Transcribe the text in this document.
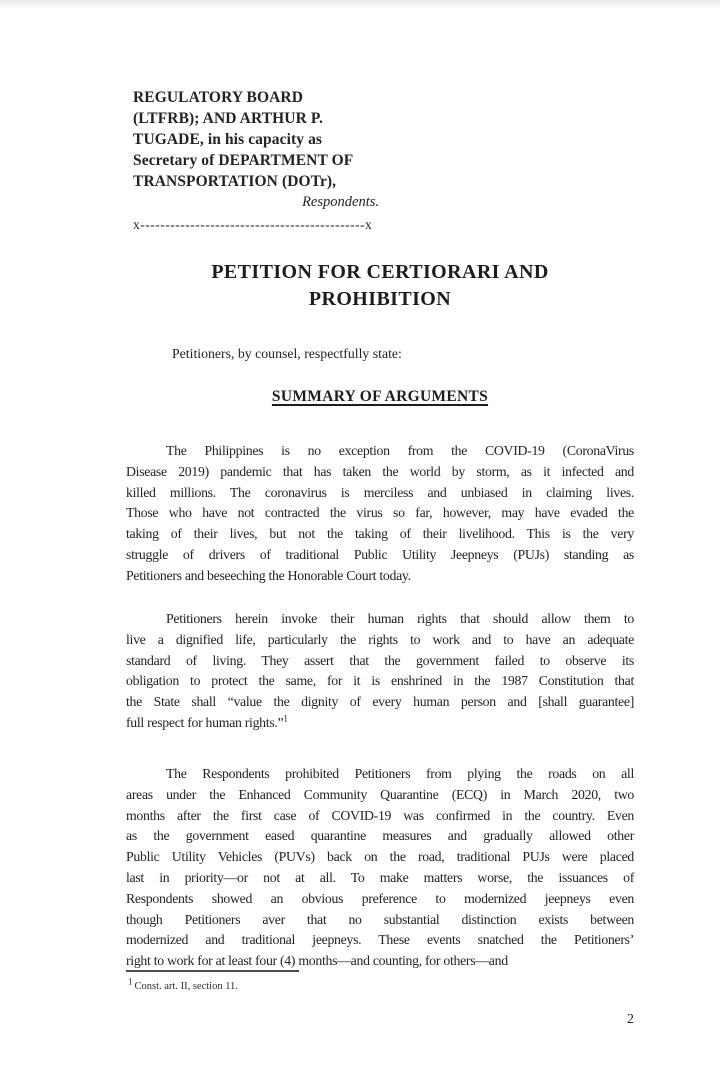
REGULATORY BOARD
(LTFRB); AND ARTHUR P.
TUGADE, in his capacity as
Secretary of DEPARTMENT OF
TRANSPORTATION (DOTr),
Respondents.
x---------------------------------------------x
PETITION FOR CERTIORARI AND
PROHIBITION
Petitioners, by counsel, respectfully state:
SUMMARY OF ARGUMENTS
The Philippines is no exception from the COVID-19 (CoronaVirus
Disease 2019) pandemic that has taken the world by storm, as it infected and
killed millions. The coronavirus is merciless and unbiased in claiming lives.
Those who have not contracted the virus so far, however, may have evaded the
taking of their lives, but not the taking of their livelihood. This is the very
struggle of drivers of traditional Public Utility Jeepneys (PUJs) standing as
Petitioners and beseeching the Honorable Court today.
Petitioners herein invoke their human rights that should allow them to
live a dignified life, particularly the rights to work and to have an adequate
standard of living. They assert that the government failed to observe its
obligation to protect the same, for it is enshrined in the 1987 Constitution that
the State shall “value the dignity of every human person and [shall guarantee]
full respect for human rights.”$^1$
The Respondents prohibited Petitioners from plying the roads on all
areas under the Enhanced Community Quarantine (ECQ) in March 2020, two
months after the first case of COVID-19 was confirmed in the country. Even
as the government eased quarantine measures and gradually allowed other
Public Utility Vehicles (PUVs) back on the road, traditional PUJs were placed
last in priority—or not at all. To make matters worse, the issuances of
Respondents showed an obvious preference to modernized jeepneys even
though Petitioners aver that no substantial distinction exists between
modernized and traditional jeepneys. These events snatched the Petitioners’
right to work for at least four (4) months—and counting, for others—and
$^1$ Const. art. II, section 11.
2
